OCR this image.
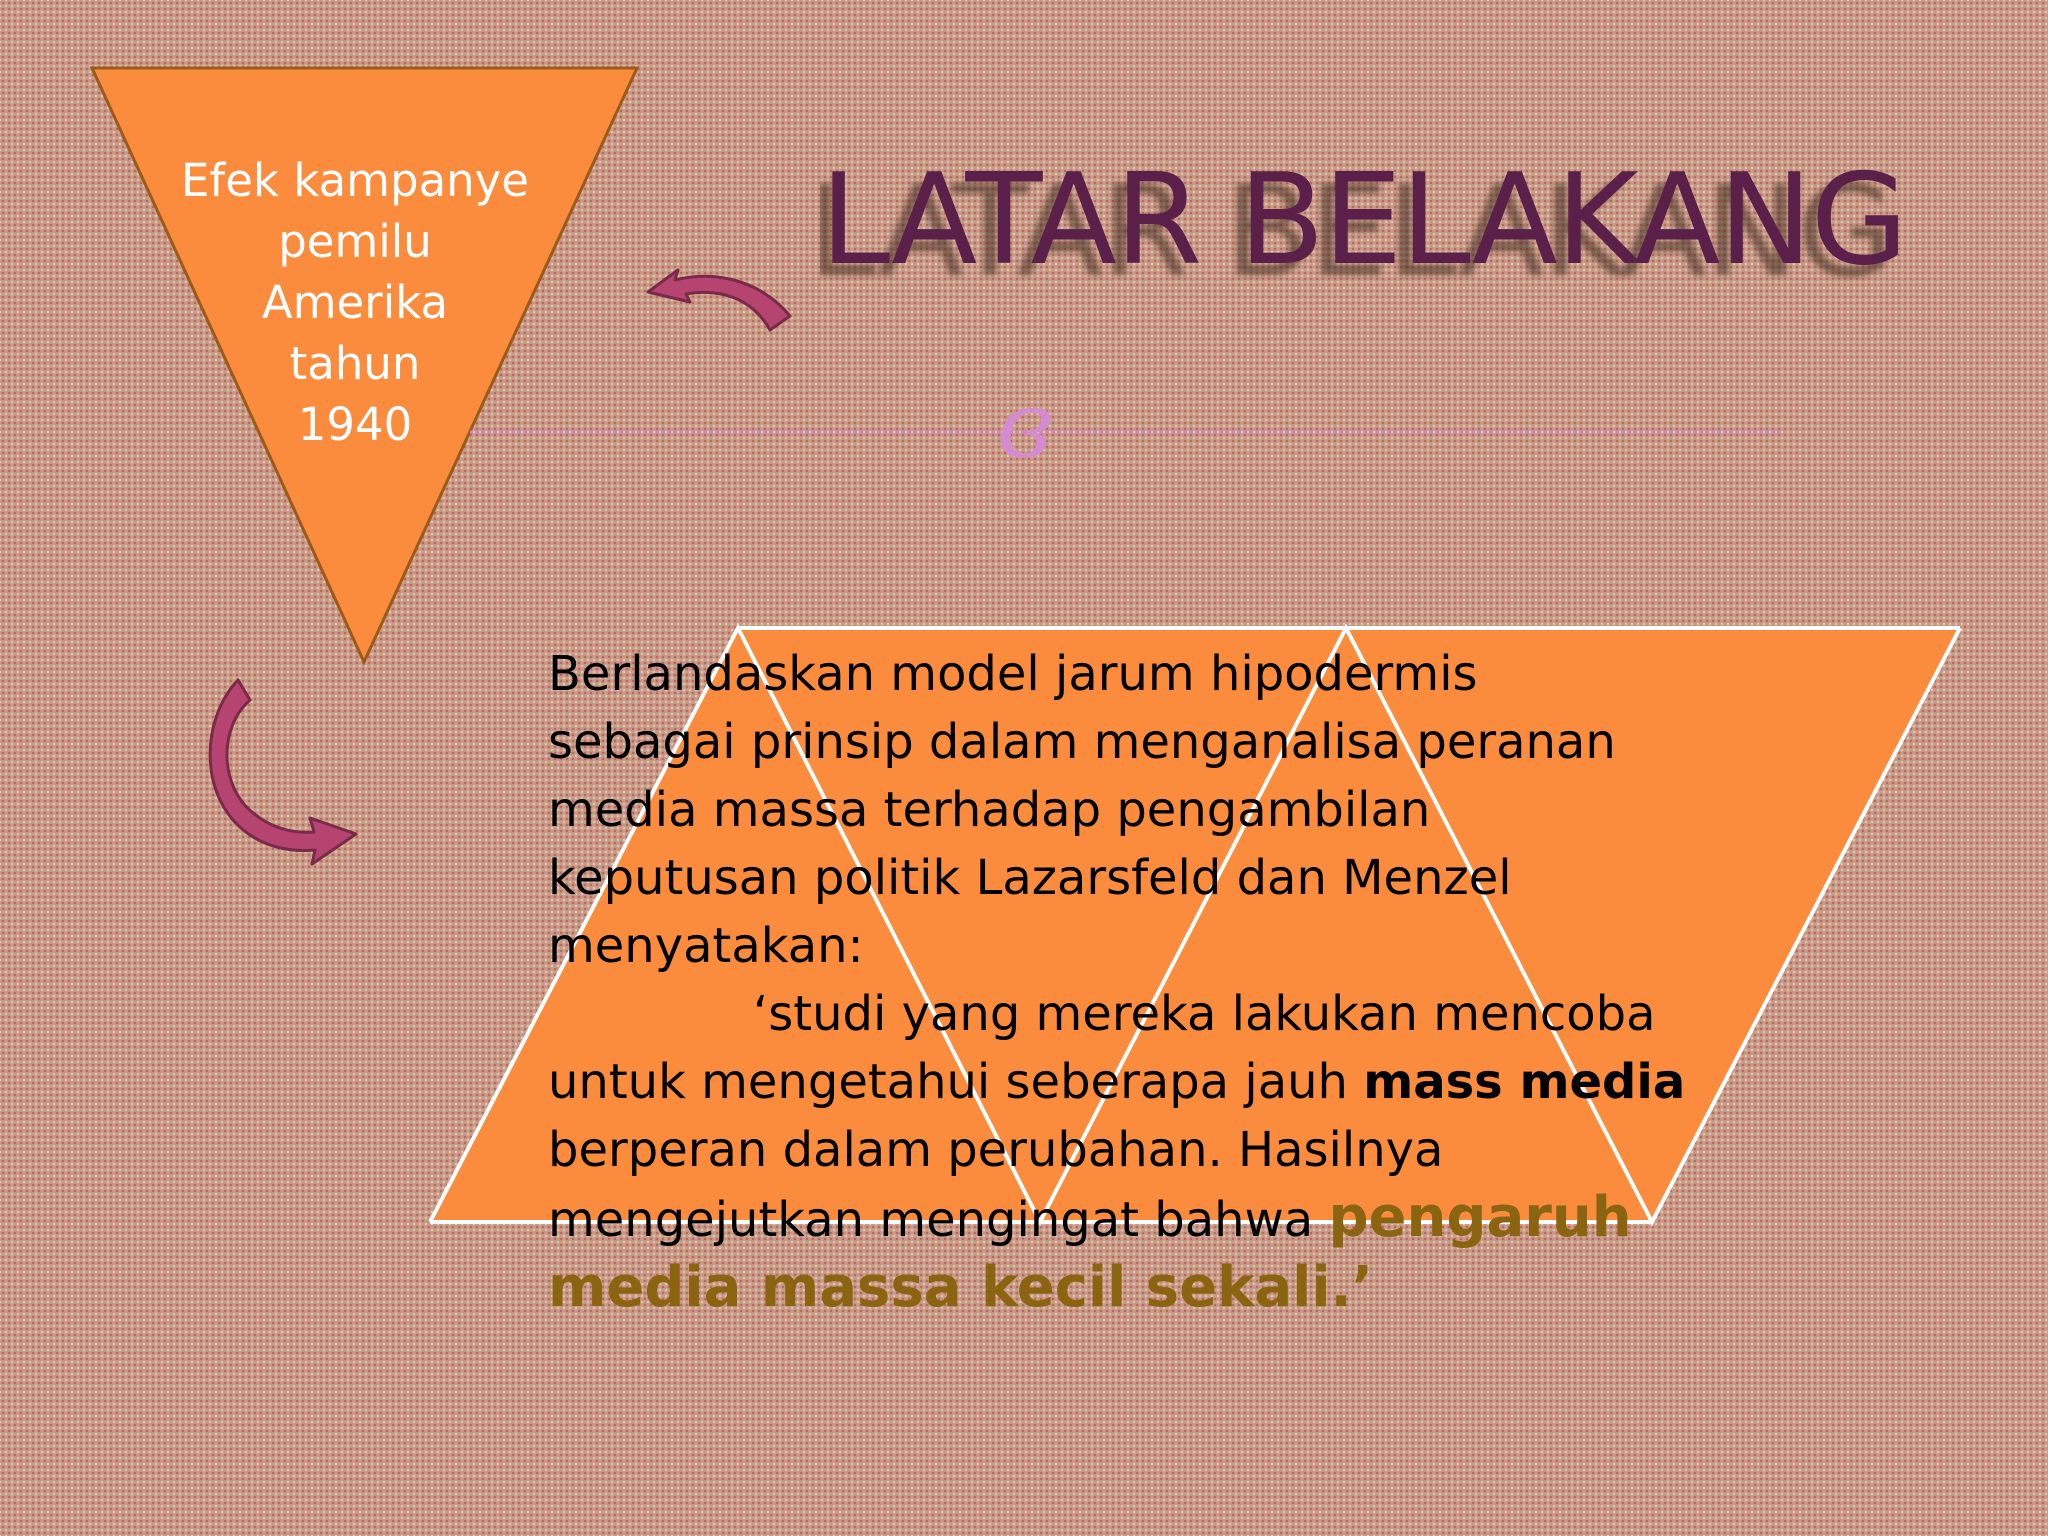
Efek kampanye
pemilu
Amerika
tahun
1940
LATAR BELAKANG
ɞ
Berlandaskan model jarum hipodermis
sebagai prinsip dalam menganalisa peranan
media massa terhadap pengambilan
keputusan politik Lazarsfeld dan Menzel
menyatakan:
‘studi yang mereka lakukan mencoba
untuk mengetahui seberapa jauh mass media
berperan dalam perubahan. Hasilnya
mengejutkan mengingat bahwa pengaruh
media massa kecil sekali.’
